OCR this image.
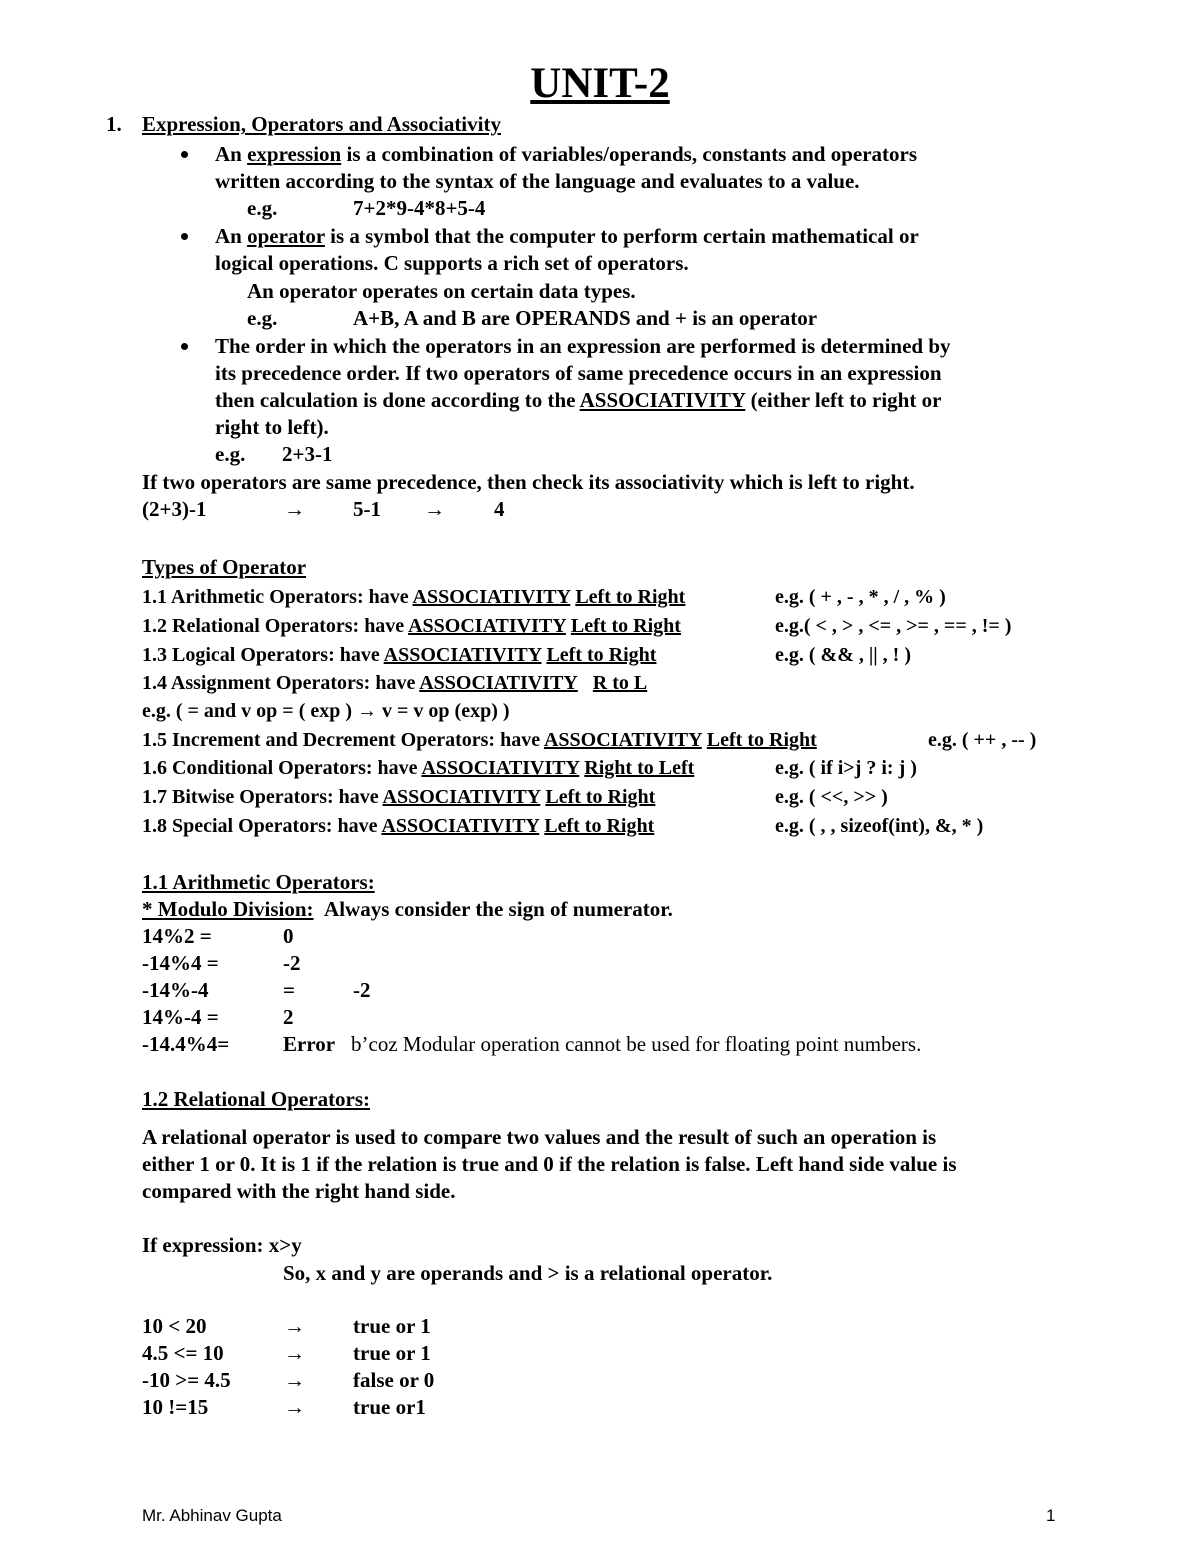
UNIT-2
1. Expression, Operators and Associativity
An expression is a combination of variables/operands, constants and operators
written according to the syntax of the language and evaluates to a value.
e.g.	7+2*9-4*8+5-4
An operator is a symbol that the computer to perform certain mathematical or
logical operations. C supports a rich set of operators.
An operator operates on certain data types.
e.g.	A+B, A and B are OPERANDS and + is an operator
The order in which the operators in an expression are performed is determined by
its precedence order. If two operators of same precedence occurs in an expression
then calculation is done according to the ASSOCIATIVITY (either left to right or
right to left).
e.g. 2+3-1
If two operators are same precedence, then check its associativity which is left to right.
(2+3)-1	→ 5-1 → 4
Types of Operator
1.1 Arithmetic Operators: have ASSOCIATIVITY Left to Right	e.g. ( + , - , * , / , % )
1.2 Relational Operators: have ASSOCIATIVITY Left to Right	e.g.( < , > , <= , >= , == , != )
1.3 Logical Operators: have ASSOCIATIVITY Left to Right	e.g. ( && , || , ! )
1.4 Assignment Operators: have ASSOCIATIVITY R to L
e.g. ( = and v op = ( exp ) → v = v op (exp) )
1.5 Increment and Decrement Operators: have ASSOCIATIVITY Left to Right	e.g. ( ++ , -- )
1.6 Conditional Operators: have ASSOCIATIVITY Right to Left	e.g. ( if i>j ? i: j )
1.7 Bitwise Operators: have ASSOCIATIVITY Left to Right	e.g. ( <<, >> )
1.8 Special Operators: have ASSOCIATIVITY Left to Right	e.g. ( , , sizeof(int), &, * )
1.1 Arithmetic Operators:
* Modulo Division: Always consider the sign of numerator.
14%2 =	0
-14%4 =	-2
-14%-4	=	-2
14%-4 =	2
-14.4%4=	Error b’coz Modular operation cannot be used for floating point numbers.
1.2 Relational Operators:
A relational operator is used to compare two values and the result of such an operation is
either 1 or 0. It is 1 if the relation is true and 0 if the relation is false. Left hand side value is
compared with the right hand side.
If expression: x>y
So, x and y are operands and > is a relational operator.
10 < 20	→ true or 1
4.5 <= 10	→ true or 1
-10 >= 4.5	→ false or 0
10 !=15	→ true or1
Mr. Abhinav Gupta	1
